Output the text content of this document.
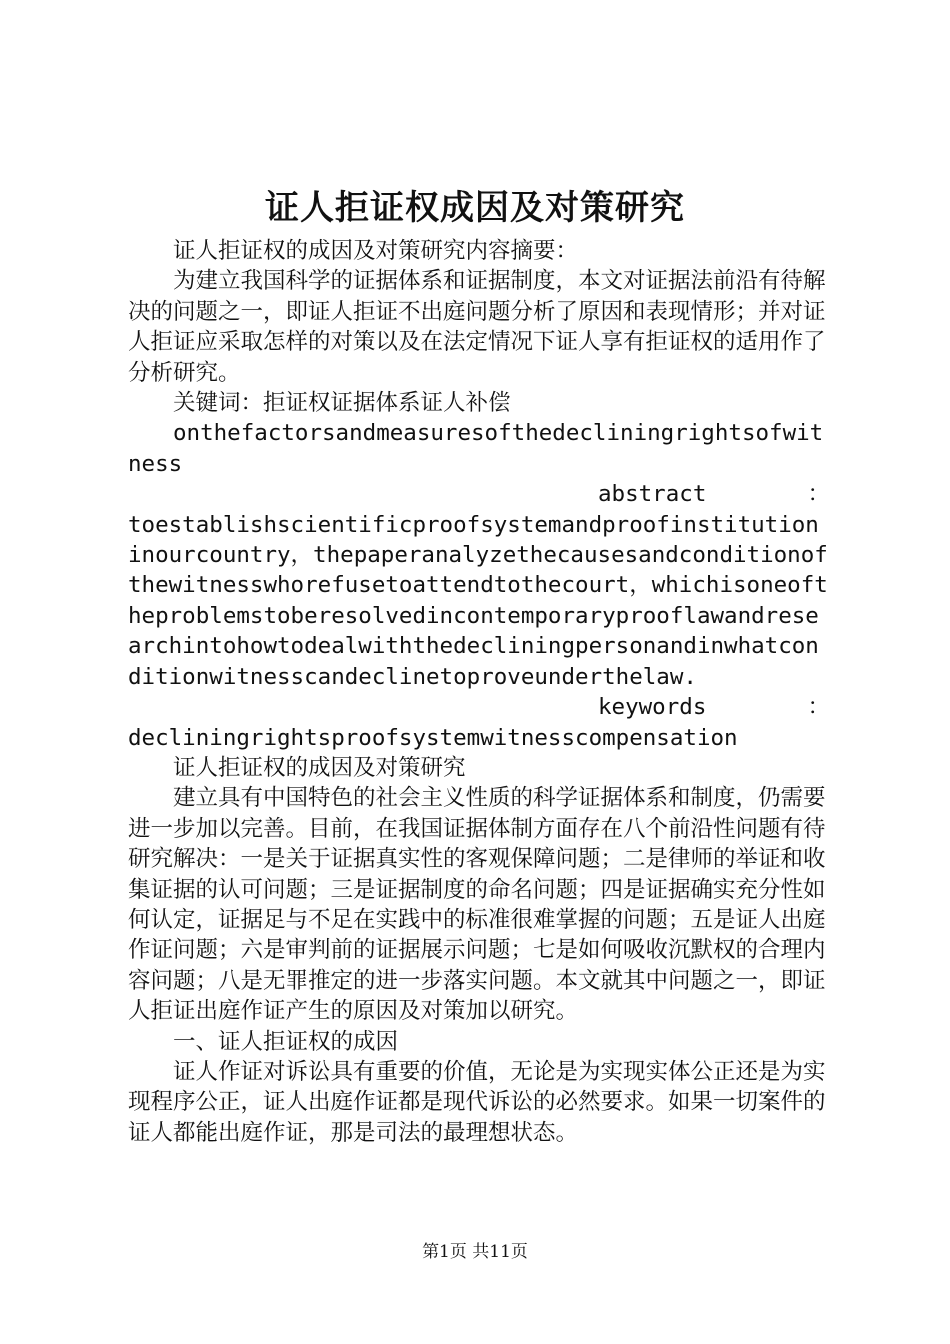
证人拒证权成因及对策研究

证人拒证权的成因及对策研究内容摘要：

为建立我国科学的证据体系和证据制度，本文对证据法前沿有待解决的问题之一，即证人拒证不出庭问题分析了原因和表现情形；并对证人拒证应采取怎样的对策以及在法定情况下证人享有拒证权的适用作了分析研究。

关键词：拒证权证据体系证人补偿

onthefactorsandmeasuresofthedecliningrightsofwitness

abstract	：

toestablishscientificproofsystemandproofinstitutioninourcountry，thepaperanalyzethecausesandconditionofthewitnesswhorefusetoattendtothecourt，whichisoneoftheproblemstoberesolvedincontemporaryprooflawandresearchintohowtodealwiththedecliningpersonandinwhatconditionwitnesscandeclinetoproveunderthelaw.

keywords	：

decliningrightsproofsystemwitnesscompensation

证人拒证权的成因及对策研究

建立具有中国特色的社会主义性质的科学证据体系和制度，仍需要进一步加以完善。目前，在我国证据体制方面存在八个前沿性问题有待研究解决：一是关于证据真实性的客观保障问题；二是律师的举证和收集证据的认可问题；三是证据制度的命名问题；四是证据确实充分性如何认定，证据足与不足在实践中的标准很难掌握的问题；五是证人出庭作证问题；六是审判前的证据展示问题；七是如何吸收沉默权的合理内容问题；八是无罪推定的进一步落实问题。本文就其中问题之一，即证人拒证出庭作证产生的原因及对策加以研究。

一、证人拒证权的成因

证人作证对诉讼具有重要的价值，无论是为实现实体公正还是为实现程序公正，证人出庭作证都是现代诉讼的必然要求。如果一切案件的证人都能出庭作证，那是司法的最理想状态。

第1页 共11页
